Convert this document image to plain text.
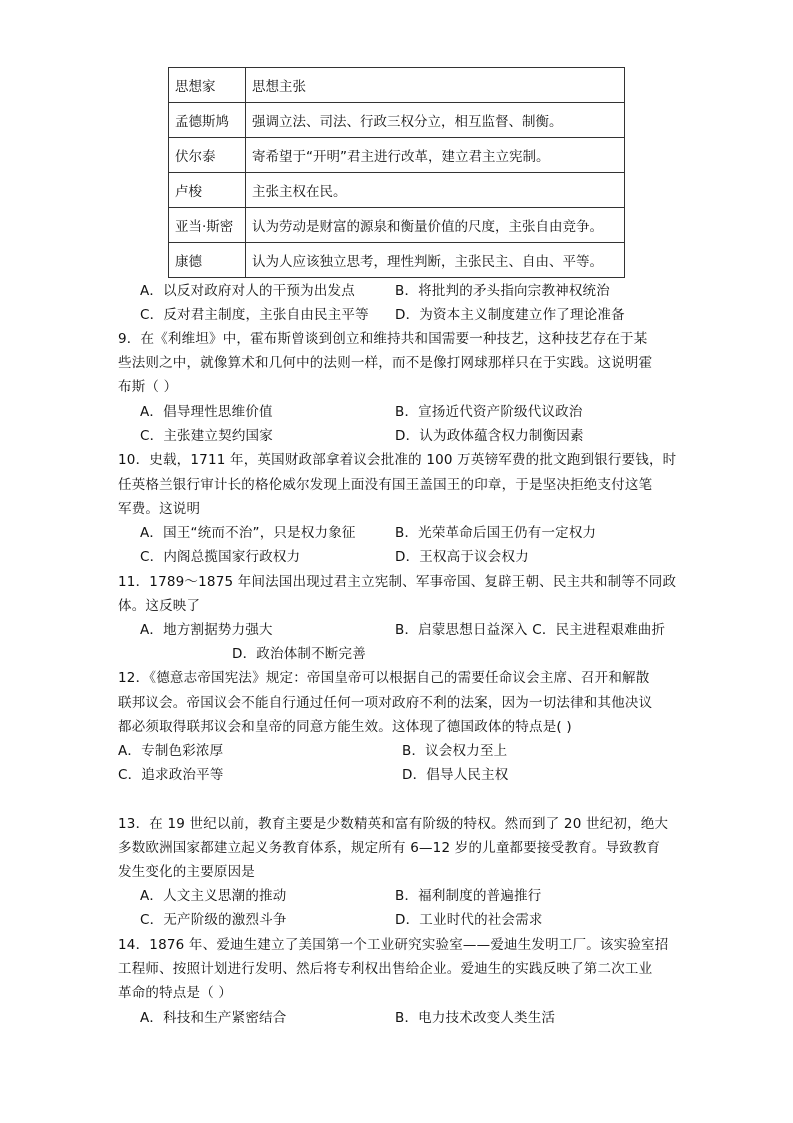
思想家	思想主张
孟德斯鸠	强调立法、司法、行政三权分立，相互监督、制衡。
伏尔泰	寄希望于“开明”君主进行改革，建立君主立宪制。
卢梭	主张主权在民。
亚当·斯密	认为劳动是财富的源泉和衡量价值的尺度，主张自由竞争。
康德	认为人应该独立思考，理性判断，主张民主、自由、平等。
A．以反对政府对人的干预为出发点	B．将批判的矛头指向宗教神权统治
C．反对君主制度，主张自由民主平等 D．为资本主义制度建立作了理论准备
9．在《利维坦》中，霍布斯曾谈到创立和维持共和国需要一种技艺，这种技艺存在于某
些法则之中，就像算术和几何中的法则一样，而不是像打网球那样只在于实践。这说明霍
布斯（ ）
A．倡导理性思维价值	B．宣扬近代资产阶级代议政治
C．主张建立契约国家	D．认为政体蕴含权力制衡因素
10．史载，1711 年，英国财政部拿着议会批准的 100 万英镑军费的批文跑到银行要钱，时
任英格兰银行审计长的格伦威尔发现上面没有国王盖国王的印章，于是坚决拒绝支付这笔
军费。这说明
A．国王“统而不治”，只是权力象征	B．光荣革命后国王仍有一定权力
C．内阁总揽国家行政权力	D．王权高于议会权力
11．1789～1875 年间法国出现过君主立宪制、军事帝国、复辟王朝、民主共和制等不同政
体。这反映了
A．地方割据势力强大	B．启蒙思想日益深入 C．民主进程艰难曲折
D．政治体制不断完善
12．《德意志帝国宪法》规定：帝国皇帝可以根据自己的需要任命议会主席、召开和解散
联邦议会。帝国议会不能自行通过任何一项对政府不利的法案，因为一切法律和其他决议
都必须取得联邦议会和皇帝的同意方能生效。这体现了德国政体的特点是( )
A．专制色彩浓厚	B．议会权力至上
C．追求政治平等	D．倡导人民主权
13．在 19 世纪以前，教育主要是少数精英和富有阶级的特权。然而到了 20 世纪初，绝大
多数欧洲国家都建立起义务教育体系，规定所有 6—12 岁的儿童都要接受教育。导致教育
发生变化的主要原因是
A．人文主义思潮的推动	B．福利制度的普遍推行
C．无产阶级的激烈斗争	D．工业时代的社会需求
14．1876 年、爱迪生建立了美国第一个工业研究实验室——爱迪生发明工厂。该实验室招
工程师、按照计划进行发明、然后将专利权出售给企业。爱迪生的实践反映了第二次工业
革命的特点是（ ）
A．科技和生产紧密结合	B．电力技术改变人类生活
